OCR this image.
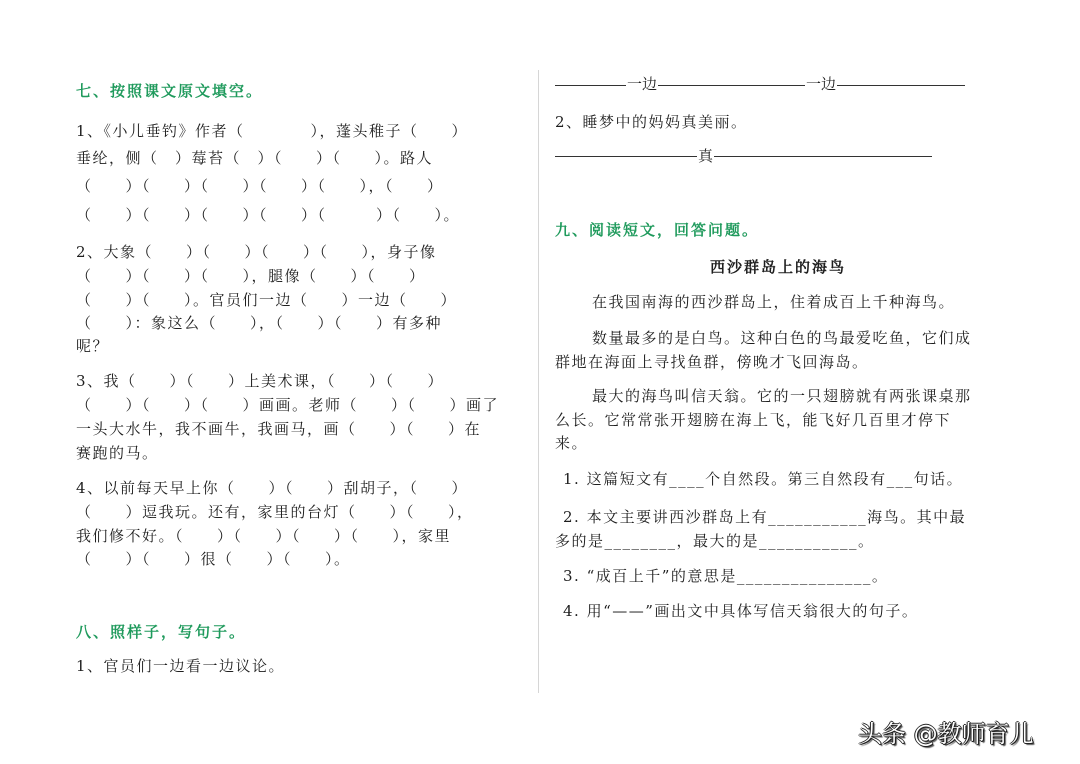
七、按照课文原文填空。
1、《小儿垂钓》作者（　　　　），蓬头稚子（　　）
垂纶，侧（　）莓苔（　）（　　）（　　）。路人
（　　）（　　）（　　）（　　）（　　），（　　）
（　　）（　　）（　　）（　　）（　　　）（　　）。
2、大象（　　）（　　）（　　）（　　），身子像
（　　）（　　）（　　），腿像（　　）（　　）
（　　）（　　）。官员们一边（　　）一边（　　）
（　　）：象这么（　　），（　　）（　　）有多种
呢？
3、我（　　）（　　）上美术课，（　　）（　　）
（　　）（　　）（　　）画画。老师（　　）（　　）画了
一头大水牛，我不画牛，我画马，画（　　）（　　）在
赛跑的马。
4、以前每天早上你（　　）（　　）刮胡子，（　　）
（　　）逗我玩。还有，家里的台灯（　　）（　　），
我们修不好。（　　）（　　）（　　）（　　），家里
（　　）（　　）很（　　）（　　）。
八、照样子，写句子。
1、官员们一边看一边议论。
一边	一边
2、睡梦中的妈妈真美丽。
真
九、阅读短文，回答问题。
西沙群岛上的海鸟
在我国南海的西沙群岛上，住着成百上千种海鸟。
数量最多的是白鸟。这种白色的鸟最爱吃鱼，它们成
群地在海面上寻找鱼群，傍晚才飞回海岛。
最大的海鸟叫信天翁。它的一只翅膀就有两张课桌那
么长。它常常张开翅膀在海上飞，能飞好几百里才停下
来。
1. 这篇短文有____个自然段。第三自然段有___句话。
2. 本文主要讲西沙群岛上有___________海鸟。其中最
多的是________，最大的是___________。
3. “成百上千”的意思是_______________。
4. 用“——”画出文中具体写信天翁很大的句子。
头条 @教师育儿
